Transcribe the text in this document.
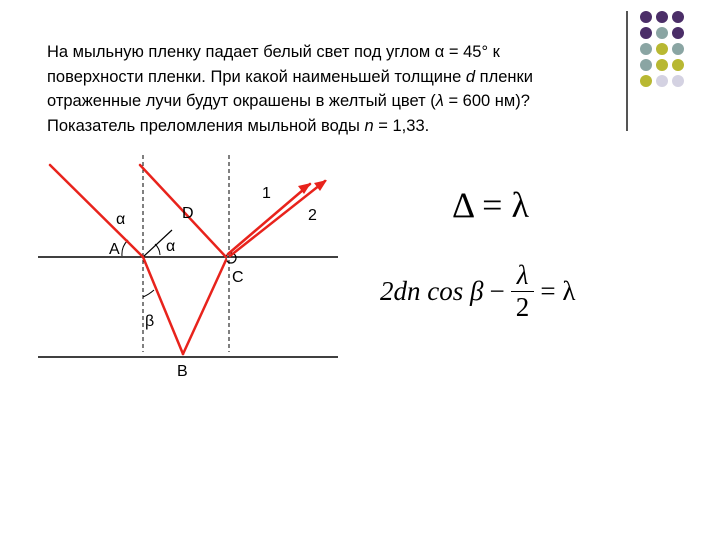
На мыльную пленку падает белый свет под углом α = 45° к поверхности пленки. При какой наименьшей толщине d пленки отраженные лучи будут окрашены в желтый цвет (λ = 600 нм)? Показатель преломления мыльной воды n = 1,33.
α
A
D
α
1
2
C
β
B
Δ = λ
2dn $\cos \beta - \frac{\lambda}{2} = \lambda$
